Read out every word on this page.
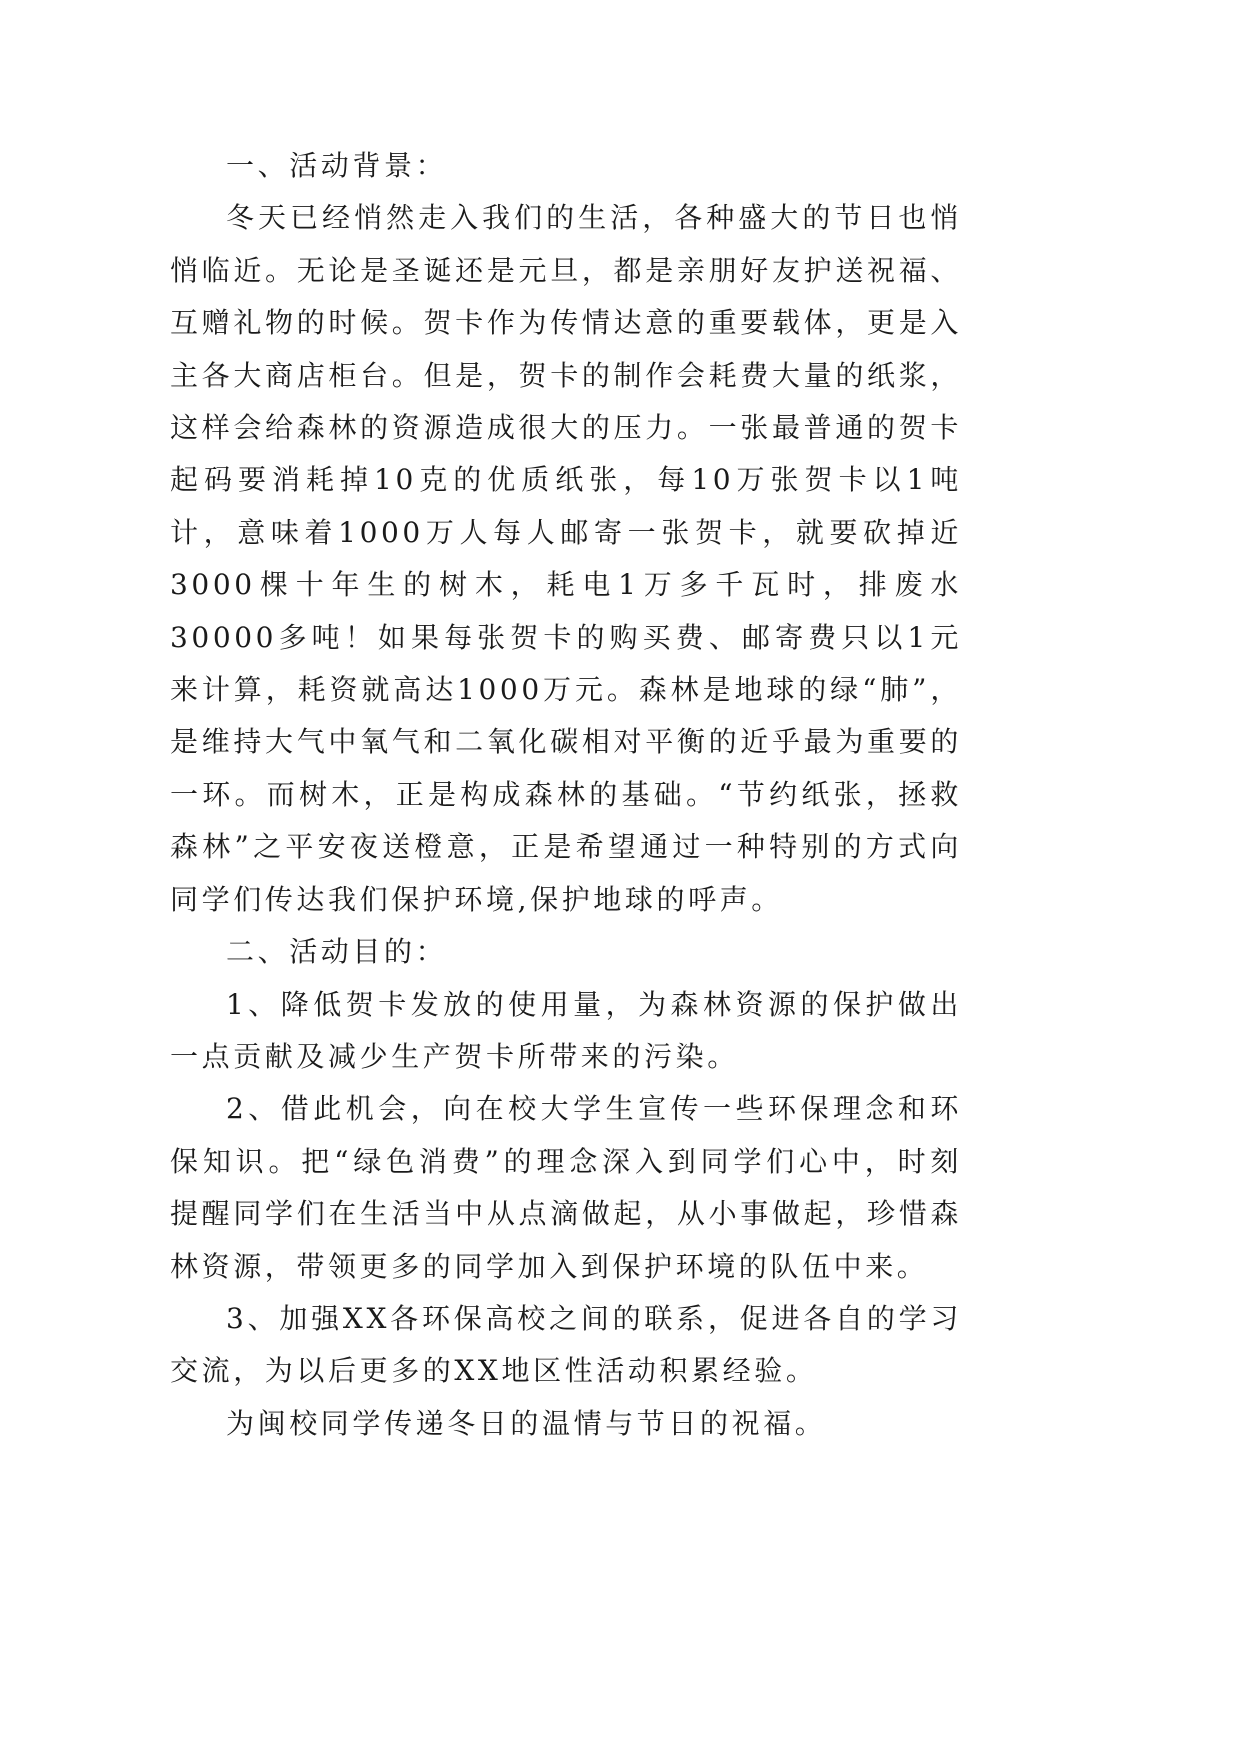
一、活动背景：

冬天已经悄然走入我们的生活，各种盛大的节日也悄悄临近。无论是圣诞还是元旦，都是亲朋好友护送祝福、互赠礼物的时候。贺卡作为传情达意的重要载体，更是入主各大商店柜台。但是，贺卡的制作会耗费大量的纸浆，这样会给森林的资源造成很大的压力。一张最普通的贺卡起码要消耗掉10克的优质纸张，每10万张贺卡以1吨计，意味着1000万人每人邮寄一张贺卡，就要砍掉近3000棵十年生的树木，耗电1万多千瓦时，排废水30000多吨！如果每张贺卡的购买费、邮寄费只以1元来计算，耗资就高达1000万元。森林是地球的绿“肺”，是维持大气中氧气和二氧化碳相对平衡的近乎最为重要的一环。而树木，正是构成森林的基础。“节约纸张，拯救森林”之平安夜送橙意，正是希望通过一种特别的方式向同学们传达我们保护环境,保护地球的呼声。

二、活动目的：

1、降低贺卡发放的使用量，为森林资源的保护做出一点贡献及减少生产贺卡所带来的污染。

2、借此机会，向在校大学生宣传一些环保理念和环保知识。把“绿色消费”的理念深入到同学们心中，时刻提醒同学们在生活当中从点滴做起，从小事做起，珍惜森林资源，带领更多的同学加入到保护环境的队伍中来。

3、加强XX各环保高校之间的联系，促进各自的学习交流，为以后更多的XX地区性活动积累经验。

为闽校同学传递冬日的温情与节日的祝福。
